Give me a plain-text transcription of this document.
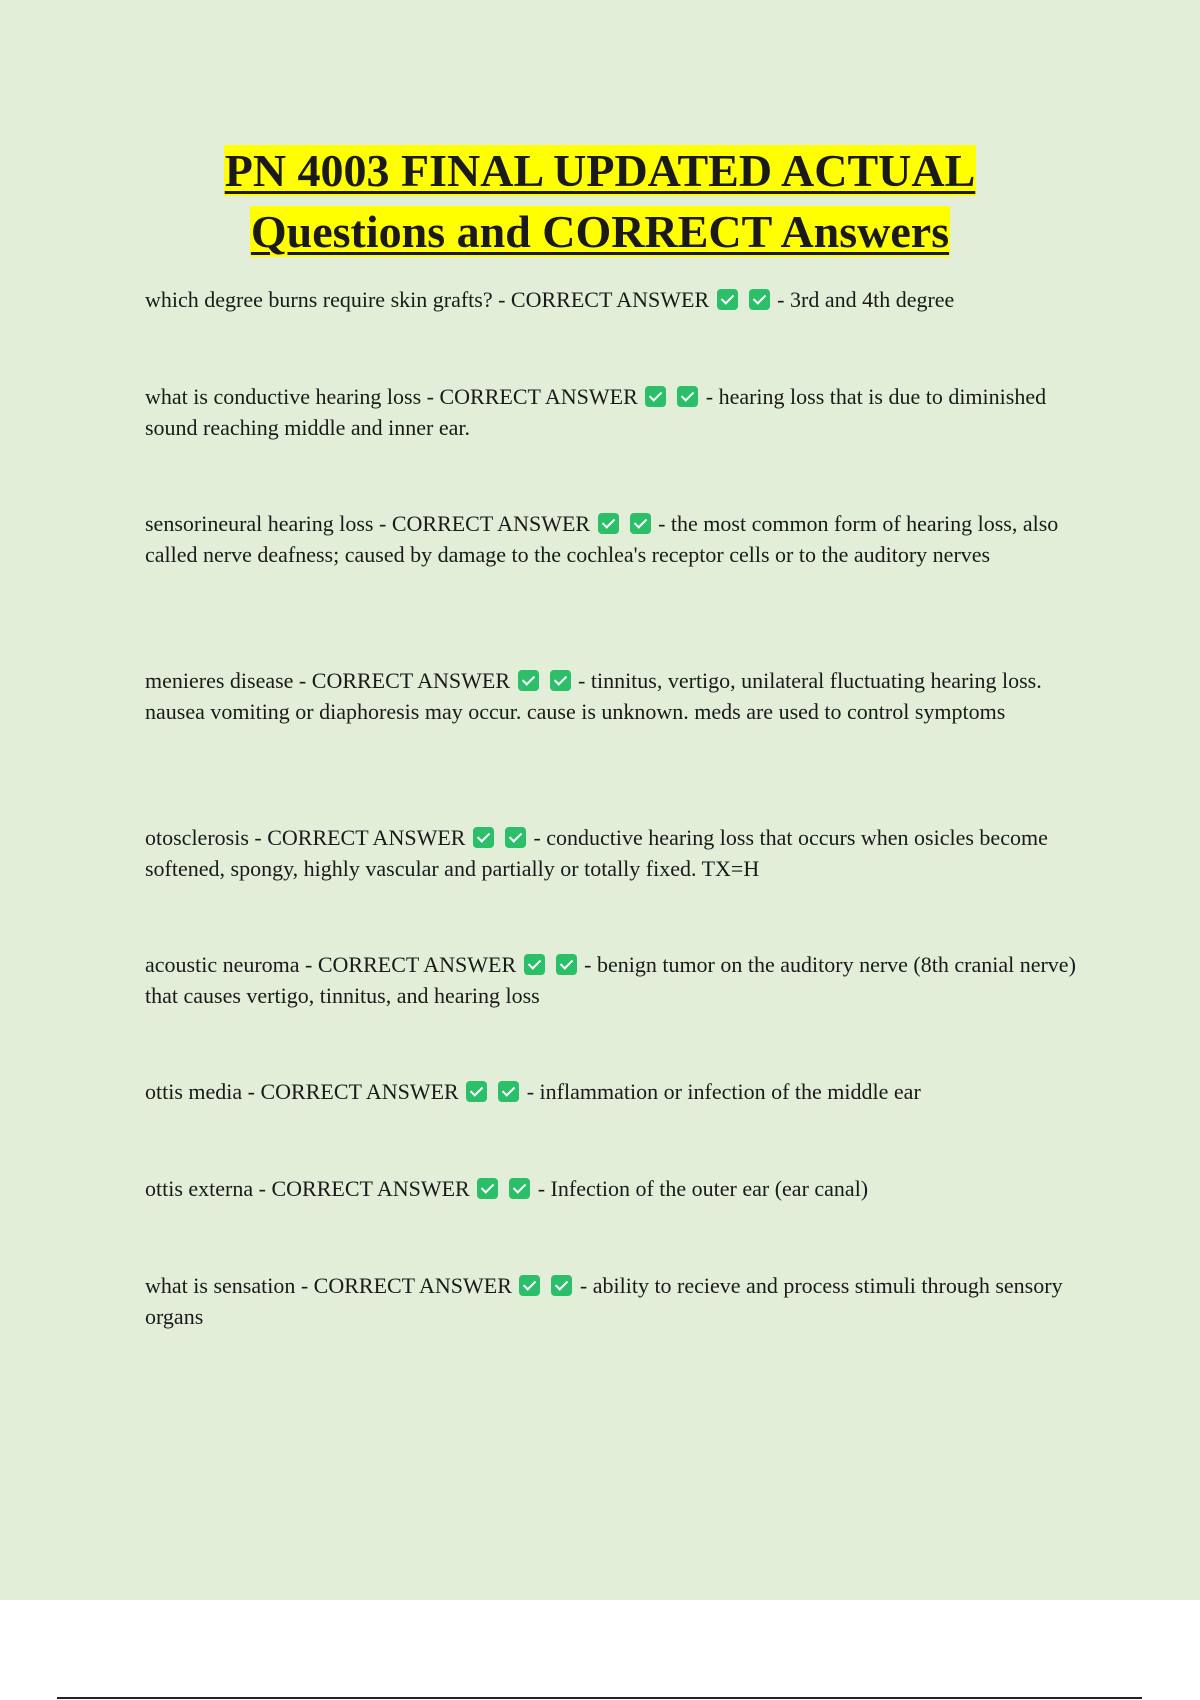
PN 4003 FINAL UPDATED ACTUAL
Questions and CORRECT Answers

which degree burns require skin grafts? - CORRECT ANSWER	- 3rd and 4th degree

what is conductive hearing loss - CORRECT ANSWER	- hearing loss that is due to diminished sound reaching middle and inner ear.

sensorineural hearing loss - CORRECT ANSWER	- the most common form of hearing loss, also called nerve deafness; caused by damage to the cochlea's receptor cells or to the auditory nerves

menieres disease - CORRECT ANSWER	- tinnitus, vertigo, unilateral fluctuating hearing loss. nausea vomiting or diaphoresis may occur. cause is unknown. meds are used to control symptoms

otosclerosis - CORRECT ANSWER	- conductive hearing loss that occurs when osicles become softened, spongy, highly vascular and partially or totally fixed. TX=H

acoustic neuroma - CORRECT ANSWER	- benign tumor on the auditory nerve (8th cranial nerve) that causes vertigo, tinnitus, and hearing loss

ottis media - CORRECT ANSWER	- inflammation or infection of the middle ear

ottis externa - CORRECT ANSWER	- Infection of the outer ear (ear canal)

what is sensation - CORRECT ANSWER	- ability to recieve and process stimuli through sensory organs
